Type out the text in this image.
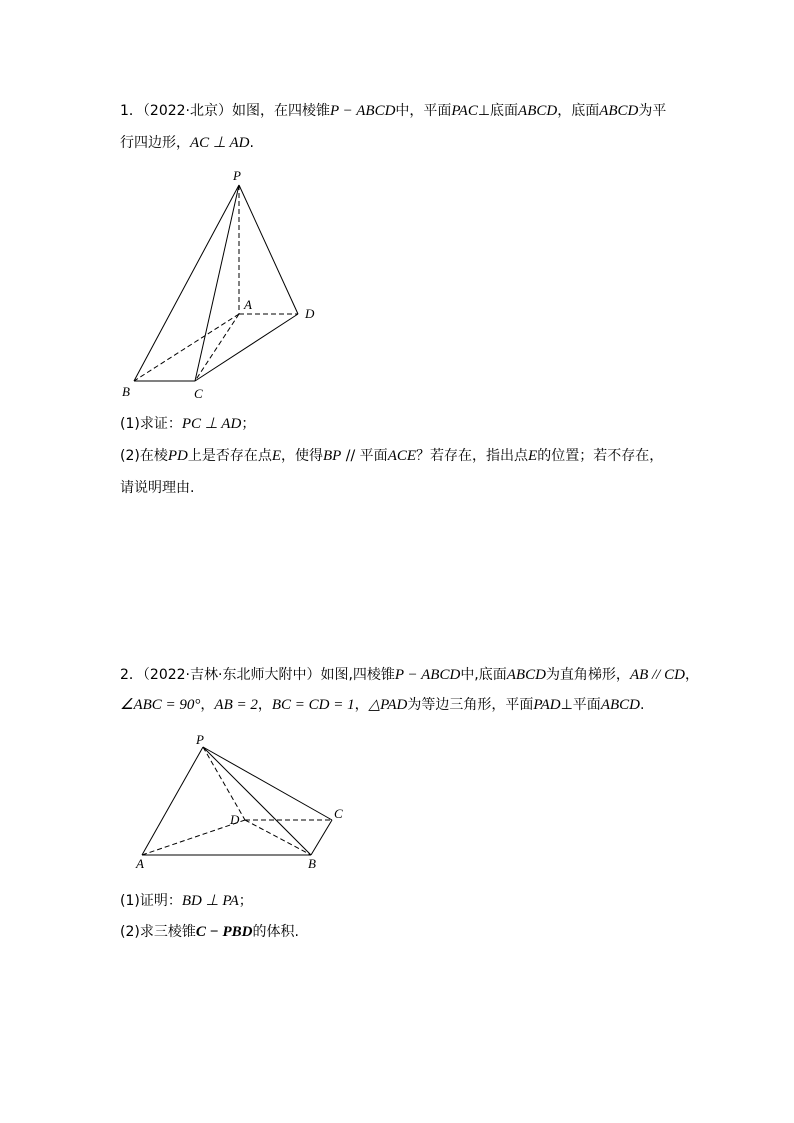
1．（2022·北京）如图，在四棱锥P − ABCD中，平面PAC⊥底面ABCD，底面ABCD为平
行四边形，AC ⊥ AD.
P
A
D
B	C
(1)求证：PC ⊥ AD；
(2)在棱PD上是否存在点E，使得BP // 平面ACE？若存在，指出点E的位置；若不存在，
请说明理由.
2．（2022·吉林·东北师大附中）如图,四棱锥P − ABCD中,底面ABCD为直角梯形，AB // CD，
∠ABC = 90°，AB = 2，BC = CD = 1，△PAD为等边三角形，平面PAD⊥平面ABCD.
P
D	C
A	B
(1)证明：BD ⊥ PA；
(2)求三棱锥C − PBD的体积.
